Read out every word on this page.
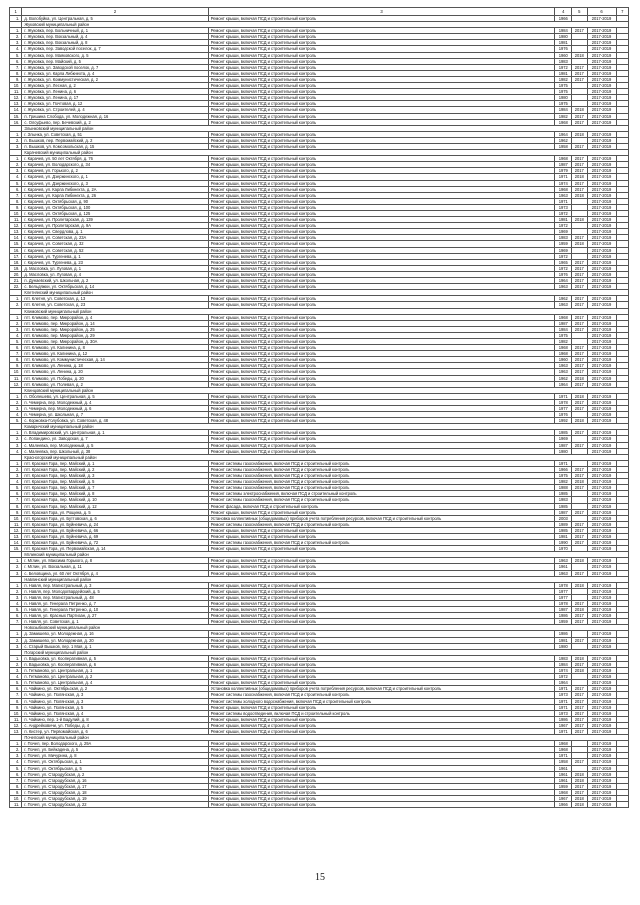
1	2	3	4	5	6	7
1.	д. Волобуйка, ул. Центральная, д. 5	Ремонт крыши, включая ПСД и строительный контроль	1966		2017-2019	
	Жуковский муниципальный район					
1.	г. Жуковка, пер. Больничный, д. 1	Ремонт крыши, включая ПСД и строительный контроль	1984	2017	2017-2019	
2.	г. Жуковка, пер. Вокзальный, д. 4	Ремонт крыши, включая ПСД и строительный контроль	1980		2017-2019	
3.	г. Жуковка, пер. Вокзальный, д. 8	Ремонт крыши, включая ПСД и строительный контроль	1981		2017-2019	
4.	г. Жуковка, пер. Заводской поселок, д. 7	Ремонт крыши, включая ПСД и строительный контроль	1976		2017-2019	
5.	г. Жуковка, пер. Маяковского, д. 5	Ремонт крыши, включая ПСД и строительный контроль	1960	2018	2017-2019	
6.	г. Жуковка, пер. Майский, д. 5	Ремонт крыши, включая ПСД и строительный контроль	1983		2017-2019	
7.	г. Жуковка, ул. Заводской поселок, д. 7	Ремонт крыши, включая ПСД и строительный контроль	1972	2017	2017-2019	
8.	г. Жуковка, ул. Карла Либкнехта, д. 4	Ремонт крыши, включая ПСД и строительный контроль	1981	2017	2017-2019	
9.	г. Жуковка, ул. Коммунистическая, д. 2	Ремонт крыши, включая ПСД и строительный контроль	1982	2017	2017-2019	
10.	г. Жуковка, ул. Лесная, д. 2	Ремонт крыши, включая ПСД и строительный контроль	1975		2017-2019	
11.	г. Жуковка, ул. Ленина, д. 6	Ремонт крыши, включая ПСД и строительный контроль	1975		2017-2019	
12.	г. Жуковка, ул. Ленина, д. 17	Ремонт крыши, включая ПСД и строительный контроль	1980		2017-2019	
13.	г. Жуковка, ул. Почтовая, д. 12	Ремонт крыши, включая ПСД и строительный контроль	1975		2017-2019	
14.	г. Жуковка, ул. Строителей, д. 4	Ремонт крыши, включая ПСД и строительный контроль	1984	2018	2017-2019	
15.	п. Гришина Слобода, ул. Молодежная, д. 16	Ремонт крыши, включая ПСД и строительный контроль	1982	2017	2017-2019	
16.	с. Олсуфьево, пер. Бечевский, д. 2	Ремонт крыши, включая ПСД и строительный контроль	1968	2017	2017-2019	
	Злынковский муниципальный район					
1.	г. Злынка, ул. Советская, д. 51	Ремонт крыши, включая ПСД и строительный контроль	1964	2018	2017-2019	
2.	п. Вышков, пер. Первомайский, д. 2	Ремонт крыши, включая ПСД и строительный контроль	1962		2017-2019	
3.	п. Вышков, ул. Комсомольская, д. 15	Ремонт крыши, включая ПСД и строительный контроль	1958	2017	2017-2019	
	Карачевский муниципальный район					
1.	г. Карачев, ул. 50 лет Октября, д. 76	Ремонт крыши, включая ПСД и строительный контроль	1968	2017	2017-2019	
2.	г. Карачев, ул. Володарского, д. 34	Ремонт крыши, включая ПСД и строительный контроль	1987	2017	2017-2019	
3.	г. Карачев, ул. Горького, д. 2	Ремонт крыши, включая ПСД и строительный контроль	1979	2017	2017-2019	
4.	г. Карачев, ул. Дзержинского, д. 1	Ремонт крыши, включая ПСД и строительный контроль	1971	2018	2017-2019	
5.	г. Карачев, ул. Дзержинского, д. 3	Ремонт крыши, включая ПСД и строительный контроль	1974	2017	2017-2019	
6.	г. Карачев, ул. Карла Либкнехта, д. 2А	Ремонт крыши, включая ПСД и строительный контроль	1968	2017	2017-2019	
7.	г. Карачев, ул. Карла Либкнехта, д. 26	Ремонт крыши, включая ПСД и строительный контроль	1963	2018	2017-2019	
8.	г. Карачев, ул. Октябрьская, д. 90	Ремонт крыши, включая ПСД и строительный контроль	1971		2017-2019	
9.	г. Карачев, ул. Октябрьская, д. 100	Ремонт крыши, включая ПСД и строительный контроль	1973		2017-2019	
10.	г. Карачев, ул. Октябрьская, д. 125	Ремонт крыши, включая ПСД и строительный контроль	1972		2017-2019	
11.	г. Карачев, ул. Пролетарская, д. 139	Ремонт крыши, включая ПСД и строительный контроль	1981	2018	2017-2019	
12.	г. Карачев, ул. Пролетарская, д. 9А	Ремонт крыши, включая ПСД и строительный контроль	1972		2017-2019	
13.	г. Карачев, ул. Свердлова, д. 1	Ремонт крыши, включая ПСД и строительный контроль	1969		2017-2019	
14.	г. Карачев, ул. Советская, д. 23А	Ремонт крыши, включая ПСД и строительный контроль	1983	2017	2017-2019	
15.	г. Карачев, ул. Советская, д. 32	Ремонт крыши, включая ПСД и строительный контроль	1959	2018	2017-2019	
16.	г. Карачев, ул. Советская, д. 52	Ремонт крыши, включая ПСД и строительный контроль	1969		2017-2019	
17.	г. Карачев, ул. Тургенева, д. 1	Ремонт крыши, включая ПСД и строительный контроль	1972		2017-2019	
18.	г. Карачев, ул. Тургенева, д. 23	Ремонт крыши, включая ПСД и строительный контроль	1965	2017	2017-2019	
19.	д. Масловка, ул. Луговая, д. 1	Ремонт крыши, включая ПСД и строительный контроль	1972	2017	2017-2019	
20.	д. Масловка, ул. Луговая, д. 4	Ремонт крыши, включая ПСД и строительный контроль	1976	2017	2017-2019	
21.	п. Дунаевский, ул. Школьная, д. 2	Ремонт крыши, включая ПСД и строительный контроль	1964	2017	2017-2019	
22.	с. Бельдяжки, ул. Октябрьская, д. 14	Ремонт крыши, включая ПСД и строительный контроль	1963	2017	2017-2019	
	Клетнянский муниципальный район					
1.	пгт. Клетня, ул. Советская, д. 13	Ремонт крыши, включая ПСД и строительный контроль	1962	2017	2017-2019	
2.	пгт. Клетня, ул. Советская, д. 23	Ремонт крыши, включая ПСД и строительный контроль	1963	2017	2017-2019	
	Климовский муниципальный район					
1.	пгт. Климово, пер. Микрорайон, д. 4	Ремонт крыши, включая ПСД и строительный контроль	1968	2017	2017-2019	
2.	пгт. Климово, пер. Микрорайон, д. 14	Ремонт крыши, включая ПСД и строительный контроль	1987	2017	2017-2019	
3.	пгт. Климово, пер. Микрорайон, д. 25	Ремонт крыши, включая ПСД и строительный контроль	1984	2017	2017-2019	
4.	пгт. Климово, пер. Микрорайон, д. 29	Ремонт крыши, включая ПСД и строительный контроль	1975		2017-2019	
5.	пгт. Климово, пер. Микрорайон, д. 30А	Ремонт крыши, включая ПСД и строительный контроль	1982		2017-2019	
6.	пгт. Климово, ул. Калинина, д. 8	Ремонт крыши, включая ПСД и строительный контроль	1968	2017	2017-2019	
7.	пгт. Климово, ул. Калинина, д. 12	Ремонт крыши, включая ПСД и строительный контроль	1968	2017	2017-2019	
8.	пгт. Климово, ул. Коммунистическая, д. 14	Ремонт крыши, включая ПСД и строительный контроль	1960	2017	2017-2019	
9.	пгт. Климово, ул. Ленина, д. 18	Ремонт крыши, включая ПСД и строительный контроль	1963	2017	2017-2019	
10.	пгт. Климово, ул. Ленина, д. 20	Ремонт крыши, включая ПСД и строительный контроль	1963	2017	2017-2019	
11.	пгт. Климово, ул. Победы, д. 20	Ремонт крыши, включая ПСД и строительный контроль	1962	2018	2017-2019	
12.	пгт. Климово, ул. Полевая, д. 2	Ремонт крыши, включая ПСД и строительный контроль	1964	2017	2017-2019	
	Клинцовский муниципальный район					
1.	п. Оболешево, ул. Центральная, д. 5	Ремонт крыши, включая ПСД и строительный контроль	1971	2018	2017-2019	
2.	п. Чемерна, пер. Молодежный, д. 4	Ремонт крыши, включая ПСД и строительный контроль	1978	2017	2017-2019	
3.	п. Чемерна, пер. Молодежный, д. 6	Ремонт крыши, включая ПСД и строительный контроль	1977	2017	2017-2019	
4.	п. Чемерна, ул. Школьная, д. 7	Ремонт крыши, включая ПСД и строительный контроль	1976		2017-2019	
5.	с. Коржовка-Голубовка, ул. Советская, д. 48	Ремонт крыши, включая ПСД и строительный контроль	1992	2018	2017-2019	
	Комаричский муниципальный район					
1.	п. Владимировский, ул. Центральная, д. 1	Ремонт крыши, включая ПСД и строительный контроль	1985	2017	2017-2019	
2.	с. Лопандино, ул. Заводская, д. 7	Ремонт крыши, включая ПСД и строительный контроль	1969		2017-2019	
3.	с. Малеевка, пер. Молодежный, д. 5	Ремонт крыши, включая ПСД и строительный контроль	1987	2017	2017-2019	
4.	с. Малеевка, пер. Школьный, д. 38	Ремонт крыши, включая ПСД и строительный контроль	1980		2017-2019	
	Красногорский муниципальный район					
1.	пгт. Красная Гора, пер. Майский, д. 1	Ремонт системы газоснабжения, включая ПСД и строительный контроль	1971		2017-2019	
2.	пгт. Красная Гора, пер. Майский, д. 2	Ремонт системы газоснабжения, включая ПСД и строительный контроль	1966	2017	2017-2019	
3.	пгт. Красная Гора, пер. Майский, д. 3	Ремонт системы газоснабжения, включая ПСД и строительный контроль	1975	2017	2017-2019	
4.	пгт. Красная Гора, пер. Майский, д. 5	Ремонт системы газоснабжения, включая ПСД и строительный контроль	1982	2018	2017-2019	
5.	пгт. Красная Гора, пер. Майский, д. 7	Ремонт системы газоснабжения, включая ПСД и строительный контроль	1988	2017	2017-2019	
6.	пгт. Красная Гора, пер. Майский, д. 8	Ремонт системы электроснабжения, включая ПСД и строительный контроль	1985		2017-2019	
7.	пгт. Красная Гора, пер. Майский, д. 10	Ремонт системы газоснабжения, включая ПСД и строительный контроль	1983		2017-2019	
8.	пгт. Красная Гора, пер. Майский, д. 12	Ремонт фасада, включая ПСД и строительный контроль	1985		2017-2019	
9.	пгт. Красная Гора, ул. Рощина, д. 5	Ремонт крыши, включая ПСД и строительный контроль	1987	2017	2017-2019	
10.	пгт. Красная Гора, ул. Буттовская, д. 6	Установка коллективных (общедомовых) приборов учета потребления ресурсов, включая ПСД и строительный контроль	2003		2017-2019	
11.	пгт. Красная Гора, ул. Буйневича, д. 24	Ремонт системы газоснабжения, включая ПСД и строительный контроль	1989	2017	2017-2019	
12.	пгт. Красная Гора, ул. Буйневича, д. 66	Ремонт крыши, включая ПСД и строительный контроль	1985	2017	2017-2019	
13.	пгт. Красная Гора, ул. Буйневича, д. 69	Ремонт крыши, включая ПСД и строительный контроль	1981	2017	2017-2019	
14.	пгт. Красная Гора, ул. Буйневича, д. 72	Ремонт системы газоснабжения, включая ПСД и строительный контроль	1990	2017	2017-2019	
15.	пгт. Красная Гора, ул. Первомайская, д. 14	Ремонт крыши, включая ПСД и строительный контроль	1970		2017-2019	
	Мглинский муниципальный район					
1.	г. Мглин, ул. Максима Горького, д. 8	Ремонт крыши, включая ПСД и строительный контроль	1963	2018	2017-2019	
2.	г. Мглин, ул. Вокзальная, д. 11	Ремонт крыши, включая ПСД и строительный контроль	1961		2017-2019	
3.	с. Беловщина, ул. 60 лет Октября, д. 4	Ремонт крыши, включая ПСД и строительный контроль	1963	2017	2017-2019	
	Навлинский муниципальный район					
1.	п. Навля, пер. Магистральный, д. 3	Ремонт крыши, включая ПСД и строительный контроль	1978	2018	2017-2019	
2.	п. Навля, пер. Молодогвардейский, д. 5	Ремонт крыши, включая ПСД и строительный контроль	1977		2017-2019	
3.	п. Навля, пер. Магистральный, д. 48	Ремонт крыши, включая ПСД и строительный контроль	1977		2017-2019	
4.	п. Навля, ул. Генерала Петренко, д. 7	Ремонт крыши, включая ПСД и строительный контроль	1978	2017	2017-2019	
5.	п. Навля, ул. Генерала Петренко, д. 10	Ремонт крыши, включая ПСД и строительный контроль	1987	2018	2017-2019	
6.	п. Навля, ул. Красных Партизан, д. 27	Ремонт крыши, включая ПСД и строительный контроль	1986	2017	2017-2019	
7.	п. Навля, ул. Советская, д. 1	Ремонт крыши, включая ПСД и строительный контроль	1959	2017	2017-2019	
	Новозыбковский муниципальный район					
1.	д. Замишево, ул. Молодежная, д. 16	Ремонт крыши, включая ПСД и строительный контроль	1986		2017-2019	
2.	д. Замишево, ул. Молодежная, д. 20	Ремонт крыши, включая ПСД и строительный контроль	1981	2017	2017-2019	
3.	с. Старый Вышков, пер. 1 Мая, д. 1	Ремонт крыши, включая ПСД и строительный контроль	1980		2017-2019	
	Погарский муниципальный район					
1.	п. Вадьковка, ул. Кооперативная, д. 5	Ремонт крыши, включая ПСД и строительный контроль	1983	2018	2017-2019	
2.	п. Вадьковка, ул. Кооперативная, д. 6	Ремонт крыши, включая ПСД и строительный контроль	1984	2017	2017-2019	
3.	п. Гетманово, ул. Центральная, д. 1	Ремонт крыши, включая ПСД и строительный контроль	1974	2018	2017-2019	
4.	п. Гетманово, ул. Центральная, д. 2	Ремонт крыши, включая ПСД и строительный контроль	1972		2017-2019	
5.	п. Гетманово, ул. Центральная, д. 4	Ремонт крыши, включая ПСД и строительный контроль	1964		2017-2019	
6.	п. Чайкино, ул. Октябрьская, д. 2	Установка коллективных (общедомовых) приборов учета потребления ресурсов, включая ПСД и строительный контроль	1971	2017	2017-2019	
7.	п. Чайкино, ул. Полянская, д. 3	Ремонт системы газоснабжения, включая ПСД и строительный контроль	1973	2017	2017-2019	
8.	п. Чайкино, ул. Полянская, д. 3	Ремонт системы холодного водоснабжения, включая ПСД и строительный контроль	1971	2017	2017-2019	
9.	п. Чайкино, ул. Полянская, д. 5	Ремонт крыши, включая ПСД и строительный контроль	1971	2017	2017-2019	
10.	п. Чайкино, ул. Полянская, д. 4	Ремонт системы водоотведения, включая ПСД и строительный контроль	1973	2017	2017-2019	
11.	п. Чайкино, пер. 1-й Бадулий, д. 8	Ремонт крыши, включая ПСД и строительный контроль	1986	2017	2017-2019	
12.	с. Андрейковичи, ул. Победы, д. 4	Ремонт крыши, включая ПСД и строительный контроль	1967	2017	2017-2019	
13.	п. Кистер, ул. Первомайская, д. 6	Ремонт крыши, включая ПСД и строительный контроль	1971	2017	2017-2019	
	Почепский муниципальный район					
1.	г. Почеп, пер. Володарского, д. 29А	Ремонт крыши, включая ПСД и строительный контроль	1968		2017-2019	
2.	г. Почеп, ул. Бейкадена, д. 5	Ремонт крыши, включая ПСД и строительный контроль	1968		2017-2019	
3.	г. Почеп, ул. Мичурина, д. 8	Ремонт крыши, включая ПСД и строительный контроль	1971		2017-2019	
4.	г. Почеп, ул. Октябрьская, д. 1	Ремонт крыши, включая ПСД и строительный контроль	1958	2017	2017-2019	
5.	г. Почеп, ул. Октябрьская, д. 5	Ремонт крыши, включая ПСД и строительный контроль	1961		2017-2019	
6.	г. Почеп, ул. Стародубская, д. 2	Ремонт крыши, включая ПСД и строительный контроль	1961	2018	2017-2019	
7.	г. Почеп, ул. Стародубская, д. 16	Ремонт крыши, включая ПСД и строительный контроль	1961	2018	2017-2019	
8.	г. Почеп, ул. Стародубская, д. 17	Ремонт крыши, включая ПСД и строительный контроль	1959	2017	2017-2019	
9.	г. Почеп, ул. Стародубская, д. 18	Ремонт крыши, включая ПСД и строительный контроль	1968	2017	2017-2019	
10.	г. Почеп, ул. Стародубская, д. 19	Ремонт крыши, включая ПСД и строительный контроль	1967	2018	2017-2019	
11.	г. Почеп, ул. Стародубская, д. 22	Ремонт крыши, включая ПСД и строительный контроль	1966	2018	2017-2019	
15
